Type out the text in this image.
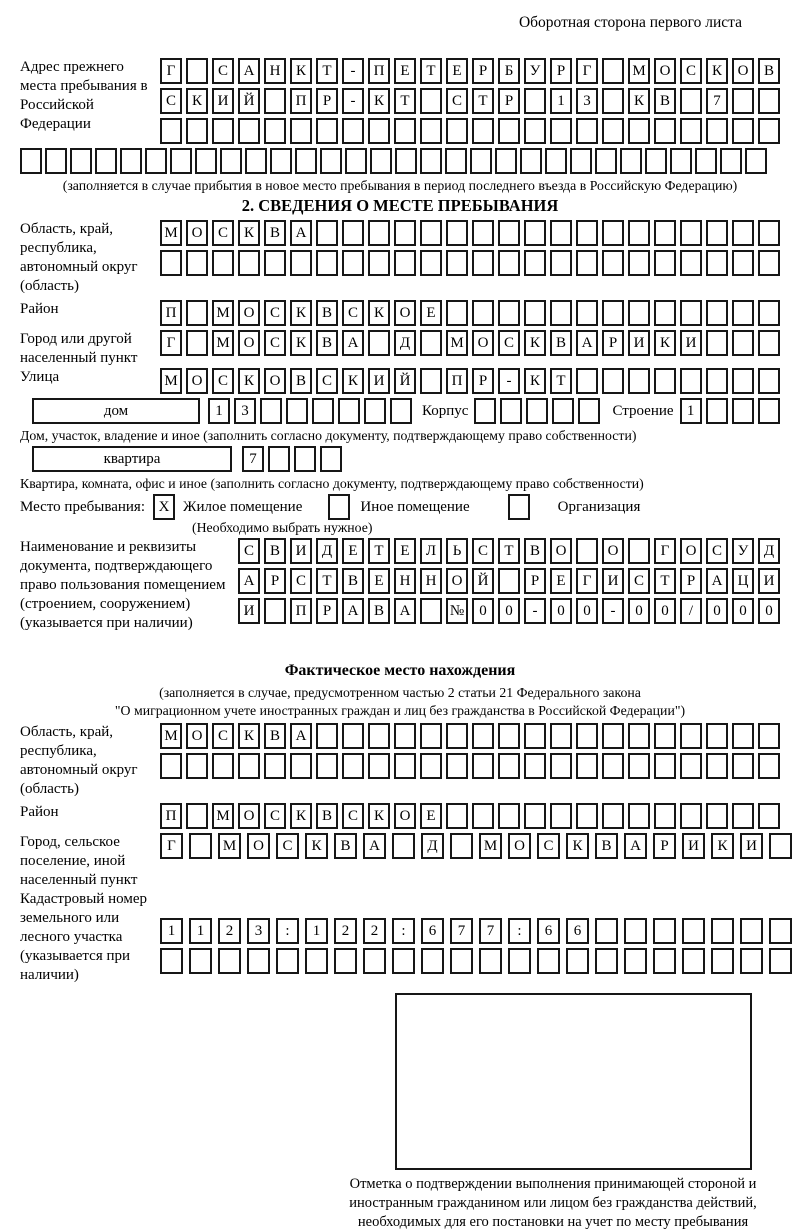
Оборотная сторона первого листа
Адрес прежнего места пребывания в Российской Федерации
Г	С	А	Н	К	Т	-	П	Е	Т	Е	Р	Б	У	Р	Г	М О	С	К	О	В
С	К	И	Й	П	Р	-	К	Т	С	Т	Р	1	3	К	В	7
(заполняется в случае прибытия в новое место пребывания в период последнего въезда в Российскую Федерацию)
2. СВЕДЕНИЯ О МЕСТЕ ПРЕБЫВАНИЯ
Область, край, республика, автономный округ (область)
М О	С	К	В	А
Район	П	М О	С	К	В	С	К	О	Е
Город или другой населенный пункт
Г	М О	С	К	В	А	Д	М О	С	К	В	А	Р	И	К	И
Улица	М О	С	К	О	В	С	К	И	Й	П	Р	-	К	Т
дом	1	3	Корпус	Строение 1
Дом, участок, владение и иное (заполнить согласно документу, подтверждающему право собственности)
квартира	7
Квартира, комната, офис и иное (заполнить согласно документу, подтверждающему право собственности)
Место пребывания: X Жилое помещение	Иное помещение	Организация
(Необходимо выбрать нужное)
Наименование и реквизиты документа, подтверждающего право пользования помещением (строением, сооружением) (указывается при наличии)
С	В	И	Д	Е	Т	Е	Л	Ь	С	Т	В	О	О	Г	О	С	У	Д
А	Р	С	Т	В	Е	Н	Н	О	Й	Р	Е	Г	И	С	Т	Р	А	Ц	И
И	П	Р	А	В	А	№	0	0	-	0	0	-	0	0	/	0	0	0
Фактическое место нахождения
(заполняется в случае, предусмотренном частью 2 статьи 21 Федерального закона
"О миграционном учете иностранных граждан и лиц без гражданства в Российской Федерации")
Область, край, республика, автономный округ (область)
М О	С	К	В	А
Район	П	М О	С	К	В	С	К	О	Е
Город, сельское поселение, иной населенный пункт
Г	М	О	С	К	В	А	Д	М	О	С	К	В	А	Р	И	К	И
Кадастровый номер земельного или лесного участка (указывается при наличии)
1	1	2	3	:	1	2	2	:	6	7	7	:	6	6
Отметка о подтверждении выполнения принимающей стороной и иностранным гражданином или лицом без гражданства действий, необходимых для его постановки на учет по месту пребывания
